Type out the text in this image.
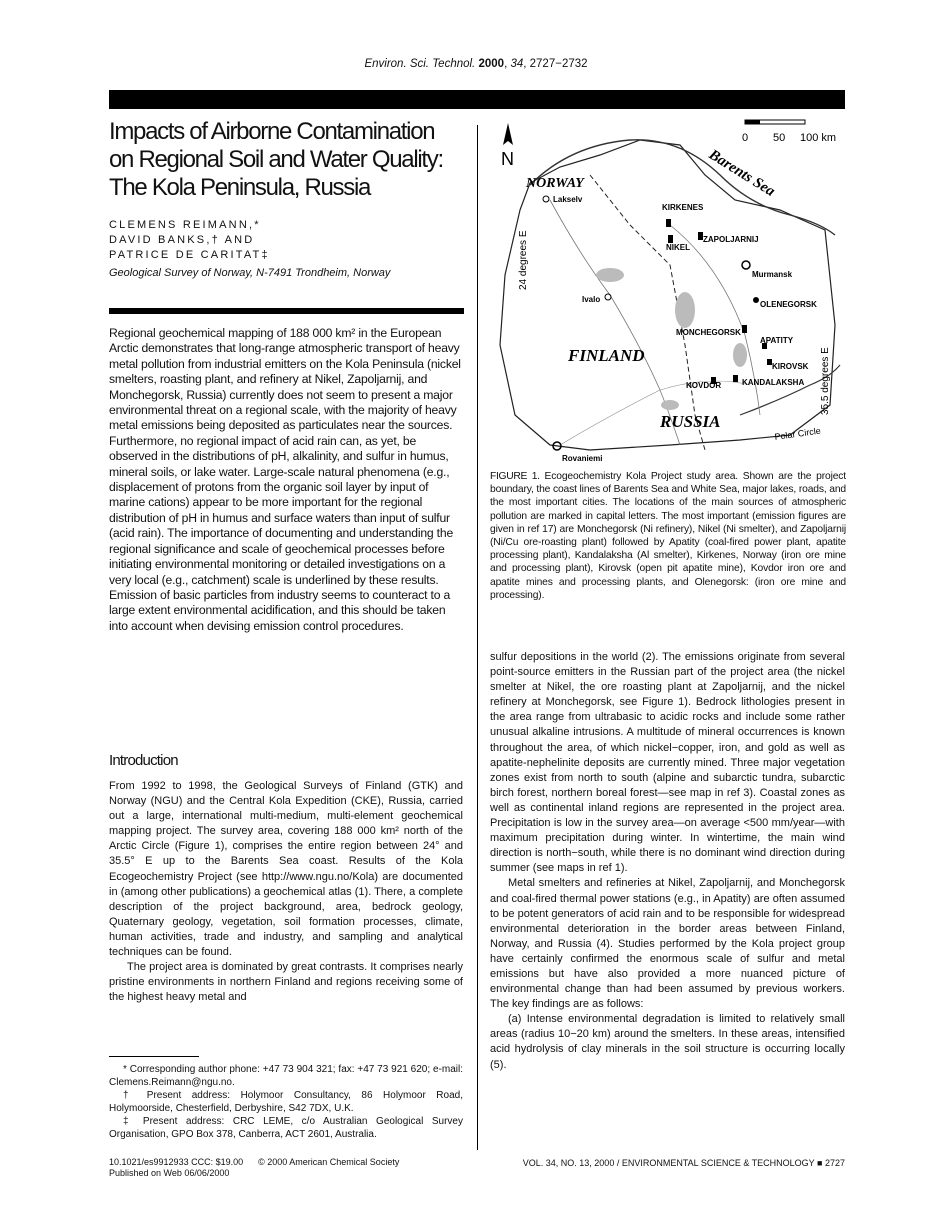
Environ. Sci. Technol. 2000, 34, 2727−2732
Impacts of Airborne Contamination
on Regional Soil and Water Quality:
The Kola Peninsula, Russia
CLEMENS REIMANN,*
DAVID BANKS,† AND
PATRICE DE CARITAT‡
Geological Survey of Norway, N-7491 Trondheim, Norway

Regional geochemical mapping of 188 000 km² in the European Arctic demonstrates that long-range atmospheric transport of heavy metal pollution from industrial emitters on the Kola Peninsula (nickel smelters, roasting plant, and refinery at Nikel, Zapoljarnij, and Monchegorsk, Russia) currently does not seem to present a major environmental threat on a regional scale, with the majority of heavy metal emissions being deposited as particulates near the sources. Furthermore, no regional impact of acid rain can, as yet, be observed in the distributions of pH, alkalinity, and sulfur in humus, mineral soils, or lake water. Large-scale natural phenomena (e.g., displacement of protons from the organic soil layer by input of marine cations) appear to be more important for the regional distribution of pH in humus and surface waters than input of sulfur (acid rain). The importance of documenting and understanding the regional significance and scale of geochemical processes before initiating environmental monitoring or detailed investigations on a very local (e.g., catchment) scale is underlined by these results. Emission of basic particles from industry seems to counteract to a large extent environmental acidification, and this should be taken into account when devising emission control procedures.

Introduction

From 1992 to 1998, the Geological Surveys of Finland (GTK) and Norway (NGU) and the Central Kola Expedition (CKE), Russia, carried out a large, international multi-medium, multi-element geochemical mapping project. The survey area, covering 188 000 km² north of the Arctic Circle (Figure 1), comprises the entire region between 24° and 35.5° E up to the Barents Sea coast. Results of the Kola Ecogeochemistry Project (see http://www.ngu.no/Kola) are documented in (among other publications) a geochemical atlas (1). There, a complete description of the project background, area, bedrock geology, Quaternary geology, vegetation, soil formation processes, climate, human activities, trade and industry, and sampling and analytical techniques can be found.

The project area is dominated by great contrasts. It comprises nearly pristine environments in northern Finland and regions receiving some of the highest heavy metal and

* Corresponding author phone: +47 73 904 321; fax: +47 73 921 620; e-mail: Clemens.Reimann@ngu.no.

† Present address: Holymoor Consultancy, 86 Holymoor Road, Holymoorside, Chesterfield, Derbyshire, S42 7DX, U.K.

‡ Present address: CRC LEME, c/o Australian Geological Survey Organisation, GPO Box 378, Canberra, ACT 2601, Australia.

10.1021/es9912933 CCC: $19.00 © 2000 American Chemical Society
Published on Web 06/06/2000
VOL. 34, NO. 13, 2000 / ENVIRONMENTAL SCIENCE & TECHNOLOGY ■ 2727
N
0 50 100 km
Barents Sea
NORWAY
FINLAND
RUSSIA
24 degrees E
35.5 degrees E
Polar Circle
Lakselv
KIRKENES
NIKEL
ZAPOLJARNIJ
Murmansk
Ivalo
OLENEGORSK
MONCHEGORSK
APATITY
KIROVSK
KOVDOR	KANDALAKSHA
Rovaniemi
FIGURE 1. Ecogeochemistry Kola Project study area. Shown are the project boundary, the coast lines of Barents Sea and White Sea, major lakes, roads, and the most important cities. The locations of the main sources of atmospheric pollution are marked in capital letters. The most important (emission figures are given in ref 17) are Monchegorsk (Ni refinery), Nikel (Ni smelter), and Zapoljarnij (Ni/Cu ore-roasting plant) followed by Apatity (coal-fired power plant, apatite processing plant), Kandalaksha (Al smelter), Kirkenes, Norway (iron ore mine and processing plant), Kirovsk (open pit apatite mine), Kovdor iron ore and apatite mines and processing plants, and Olenegorsk: (iron ore mine and processing).

sulfur depositions in the world (2). The emissions originate from several point-source emitters in the Russian part of the project area (the nickel smelter at Nikel, the ore roasting plant at Zapoljarnij, and the nickel refinery at Monchegorsk, see Figure 1). Bedrock lithologies present in the area range from ultrabasic to acidic rocks and include some rather unusual alkaline intrusions. A multitude of mineral occurrences is known throughout the area, of which nickel−copper, iron, and gold as well as apatite-nephelinite deposits are currently mined. Three major vegetation zones exist from north to south (alpine and subarctic tundra, subarctic birch forest, northern boreal forest—see map in ref 3). Coastal zones as well as continental inland regions are represented in the project area. Precipitation is low in the survey area—on average <500 mm/year—with maximum precipitation during winter. In wintertime, the main wind direction is north−south, while there is no dominant wind direction during summer (see maps in ref 1).

Metal smelters and refineries at Nikel, Zapoljarnij, and Monchegorsk and coal-fired thermal power stations (e.g., in Apatity) are often assumed to be potent generators of acid rain and to be responsible for widespread environmental deterioration in the border areas between Finland, Norway, and Russia (4). Studies performed by the Kola project group have certainly confirmed the enormous scale of sulfur and metal emissions but have also provided a more nuanced picture of environmental change than had been assumed by previous workers. The key findings are as follows:

(a) Intense environmental degradation is limited to relatively small areas (radius 10−20 km) around the smelters. In these areas, intensified acid hydrolysis of clay minerals in the soil structure is occurring locally (5).
